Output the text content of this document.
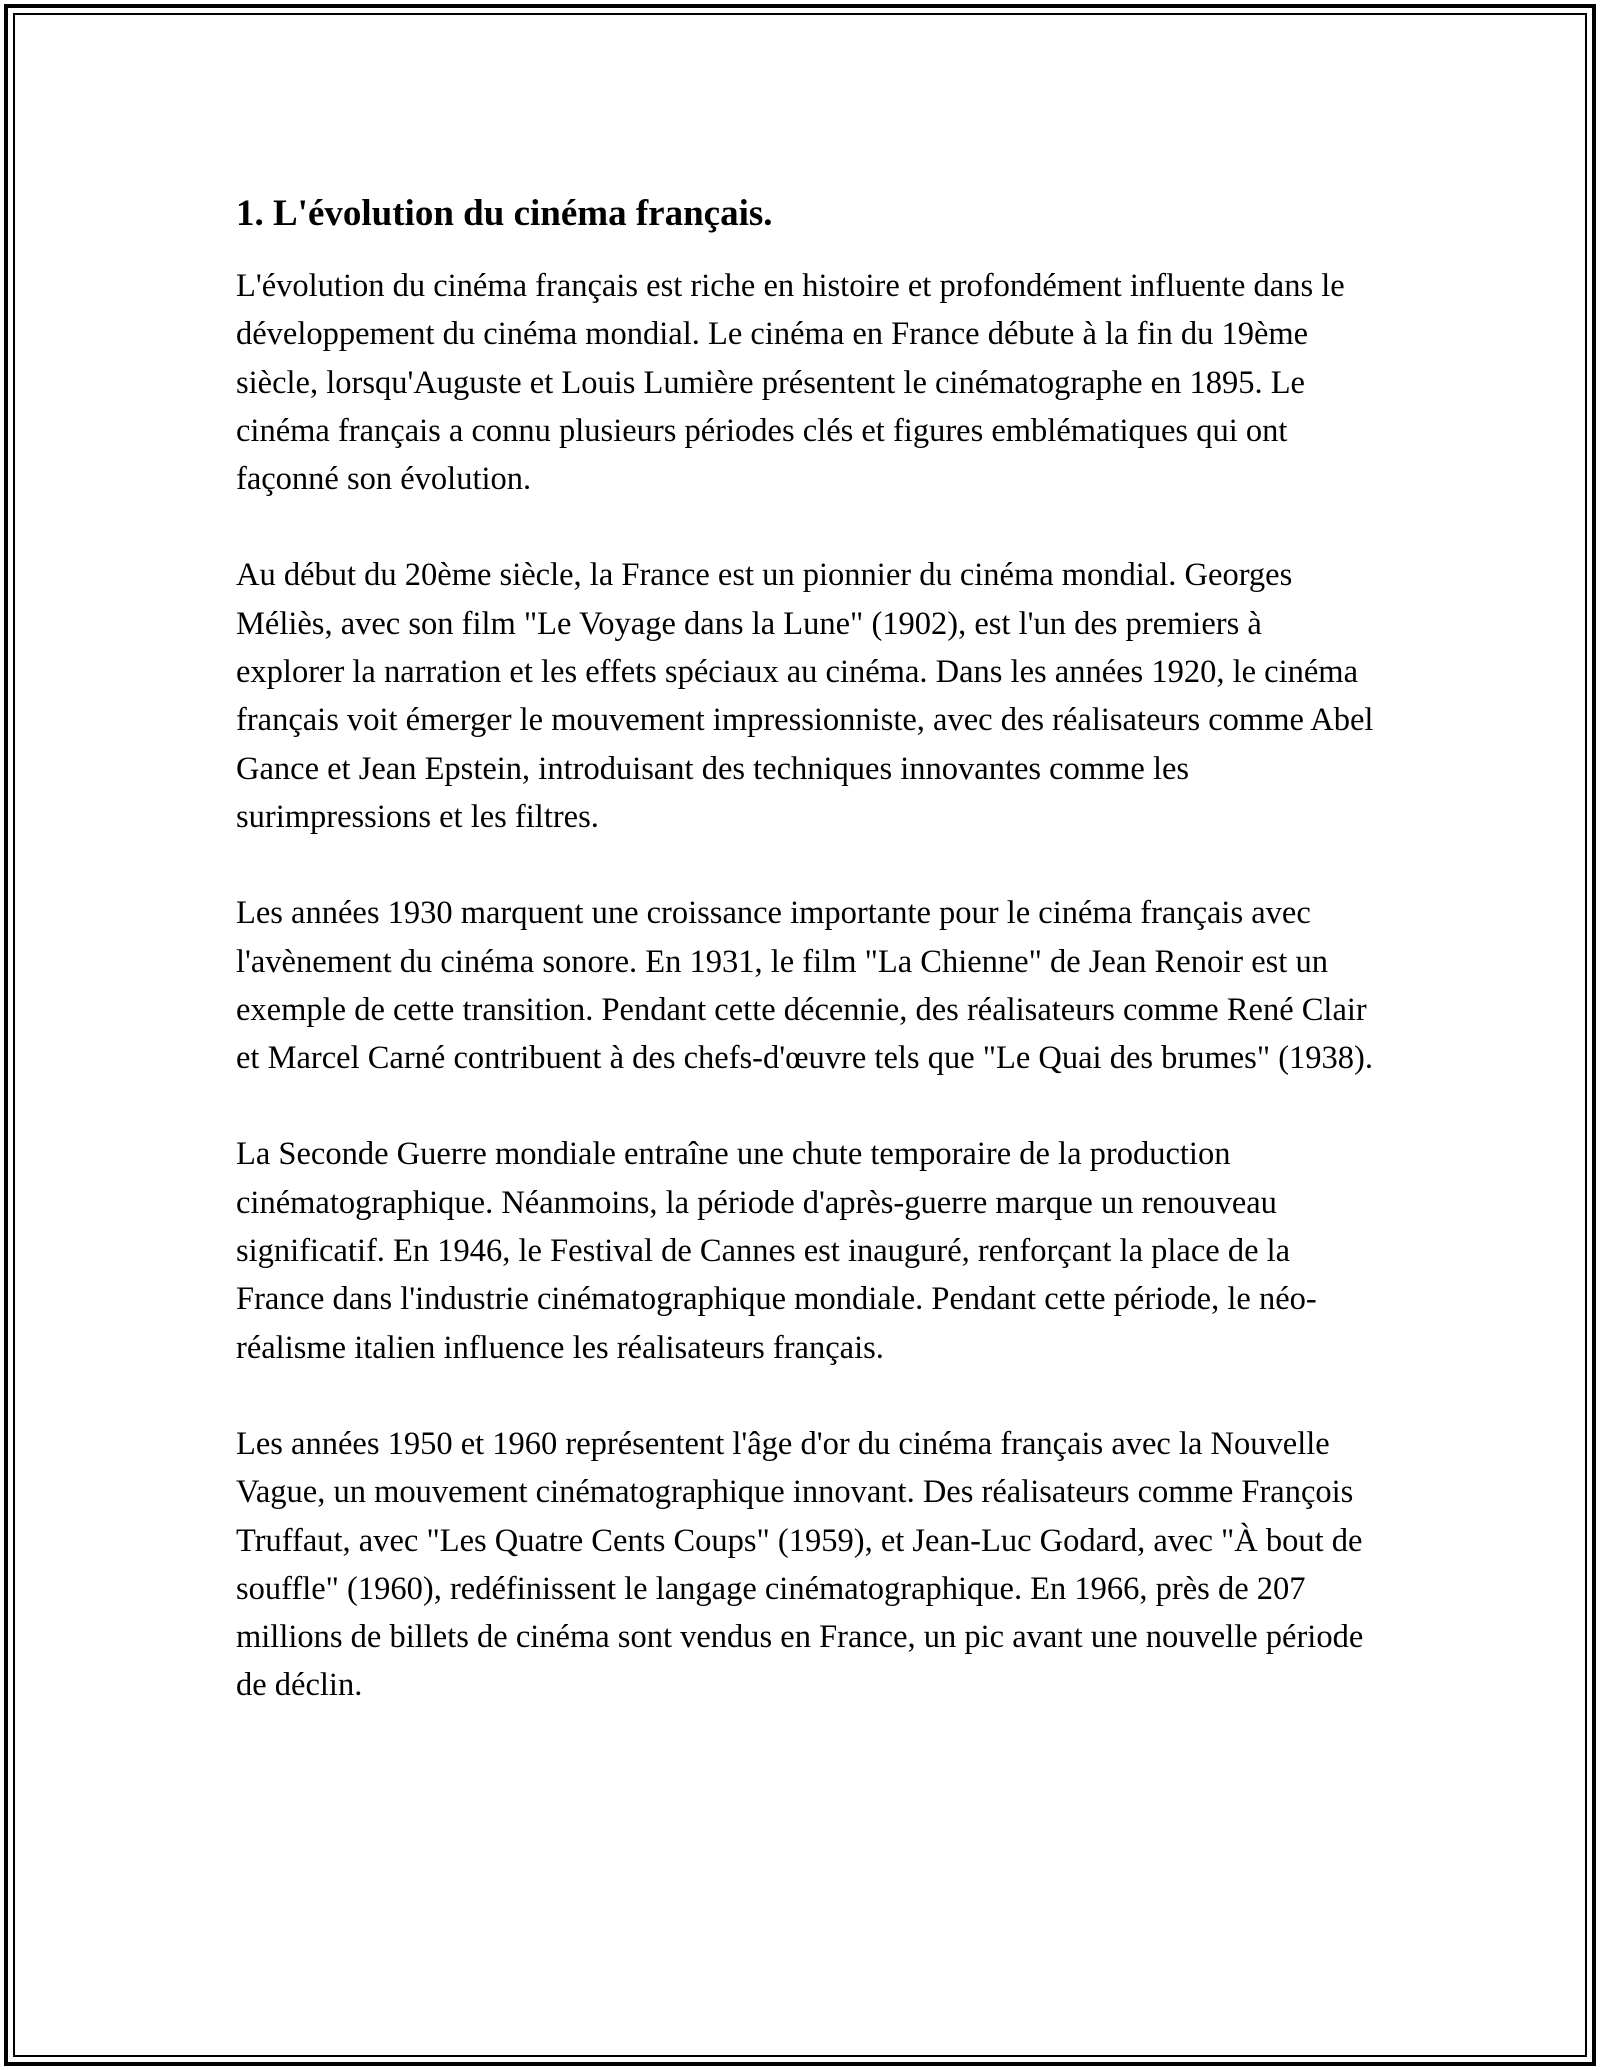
1. L'évolution du cinéma français.

L'évolution du cinéma français est riche en histoire et profondément influente dans le développement du cinéma mondial. Le cinéma en France débute à la fin du 19ème siècle, lorsqu'Auguste et Louis Lumière présentent le cinématographe en 1895. Le cinéma français a connu plusieurs périodes clés et figures emblématiques qui ont façonné son évolution.

Au début du 20ème siècle, la France est un pionnier du cinéma mondial. Georges Méliès, avec son film "Le Voyage dans la Lune" (1902), est l'un des premiers à explorer la narration et les effets spéciaux au cinéma. Dans les années 1920, le cinéma français voit émerger le mouvement impressionniste, avec des réalisateurs comme Abel Gance et Jean Epstein, introduisant des techniques innovantes comme les surimpressions et les filtres.

Les années 1930 marquent une croissance importante pour le cinéma français avec l'avènement du cinéma sonore. En 1931, le film "La Chienne" de Jean Renoir est un exemple de cette transition. Pendant cette décennie, des réalisateurs comme René Clair et Marcel Carné contribuent à des chefs-d'œuvre tels que "Le Quai des brumes" (1938).

La Seconde Guerre mondiale entraîne une chute temporaire de la production cinématographique. Néanmoins, la période d'après-guerre marque un renouveau significatif. En 1946, le Festival de Cannes est inauguré, renforçant la place de la France dans l'industrie cinématographique mondiale. Pendant cette période, le néo-réalisme italien influence les réalisateurs français.

Les années 1950 et 1960 représentent l'âge d'or du cinéma français avec la Nouvelle Vague, un mouvement cinématographique innovant. Des réalisateurs comme François Truffaut, avec "Les Quatre Cents Coups" (1959), et Jean-Luc Godard, avec "À bout de souffle" (1960), redéfinissent le langage cinématographique. En 1966, près de 207 millions de billets de cinéma sont vendus en France, un pic avant une nouvelle période de déclin.
